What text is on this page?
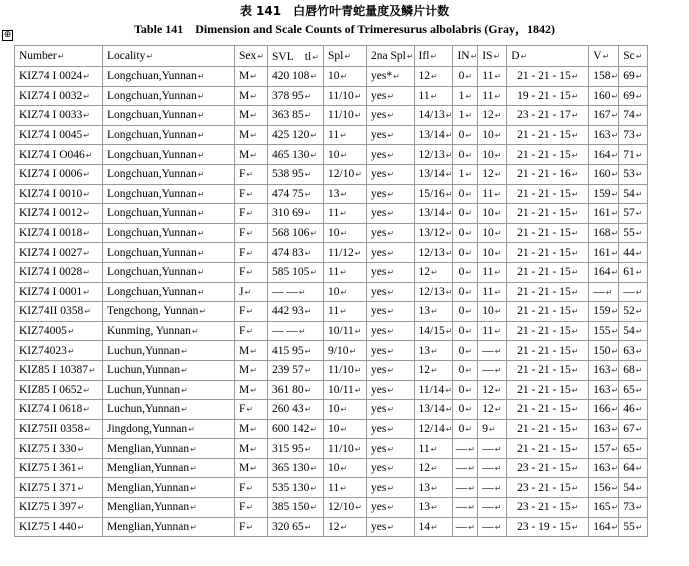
表 141　白唇竹叶青蛇量度及鳞片计数
Table 141　Dimension and Scale Counts of Trimeresurus albolabris (Gray，1842)
⊕
Number↵	Locality↵	Sex↵	SVL　tl↵	Spl↵	2na Spl↵	Ifl↵	IN↵	IS↵	D↵	V↵	Sc↵
KIZ74 I 0024↵	Longchuan,Yunnan↵	M↵	420 108↵	10↵	yes*↵	12↵	0↵	11↵	21 - 21 - 15↵	158↵	69↵
KIZ74 I 0032↵	Longchuan,Yunnan↵	M↵	378 95↵	11/10↵	yes↵	11↵	1↵	11↵	19 - 21 - 15↵	160↵	69↵
KIZ74 I 0033↵	Longchuan,Yunnan↵	M↵	363 85↵	11/10↵	yes↵	14/13↵	1↵	12↵	23 - 21 - 17↵	167↵	74↵
KIZ74 I 0045↵	Longchuan,Yunnan↵	M↵	425 120↵	11↵	yes↵	13/14↵	0↵	10↵	21 - 21 - 15↵	163↵	73↵
KIZ74 I O046↵	Longchuan,Yunnan↵	M↵	465 130↵	10↵	yes↵	12/13↵	0↵	10↵	21 - 21 - 15↵	164↵	71↵
KIZ74 I 0006↵	Longchuan,Yunnan↵	F↵	538 95↵	12/10↵	yes↵	13/14↵	1↵	12↵	21 - 21 - 16↵	160↵	53↵
KIZ74 I 0010↵	Longchuan,Yunnan↵	F↵	474 75↵	13↵	yes↵	15/16↵	0↵	11↵	21 - 21 - 15↵	159↵	54↵
KIZ74 I 0012↵	Longchuan,Yunnan↵	F↵	310 69↵	11↵	yes↵	13/14↵	0↵	10↵	21 - 21 - 15↵	161↵	57↵
KIZ74 I 0018↵	Longchuan,Yunnan↵	F↵	568 106↵	10↵	yes↵	13/12↵	0↵	10↵	21 - 21 - 15↵	168↵	55↵
KIZ74 I 0027↵	Longchuan,Yunnan↵	F↵	474 83↵	11/12↵	yes↵	12/13↵	0↵	10↵	21 - 21 - 15↵	161↵	44↵
KIZ74 I 0028↵	Longchuan,Yunnan↵	F↵	585 105↵	11↵	yes↵	12↵	0↵	11↵	21 - 21 - 15↵	164↵	61↵
KIZ74 I 0001↵	Longchuan,Yunnan↵	J↵	— —↵	10↵	yes↵	12/13↵	0↵	11↵	21 - 21 - 15↵	—↵	—↵
KIZ74II 0358↵	Tengchong, Yunnan↵	F↵	442 93↵	11↵	yes↵	13↵	0↵	10↵	21 - 21 - 15↵	159↵	52↵
KIZ74005↵	Kunming, Yunnan↵	F↵	— —↵	10/11↵	yes↵	14/15↵	0↵	11↵	21 - 21 - 15↵	155↵	54↵
KIZ74023↵	Luchun,Yunnan↵	M↵	415 95↵	9/10↵	yes↵	13↵	0↵	—↵	21 - 21 - 15↵	150↵	63↵
KIZ85 I 10387↵	Luchun,Yunnan↵	M↵	239 57↵	11/10↵	yes↵	12↵	0↵	—↵	21 - 21 - 15↵	163↵	68↵
KIZ85 I 0652↵	Luchun,Yunnan↵	M↵	361 80↵	10/11↵	yes↵	11/14↵	0↵	12↵	21 - 21 - 15↵	163↵	65↵
KIZ74 I 0618↵	Luchun,Yunnan↵	F↵	260 43↵	10↵	yes↵	13/14↵	0↵	12↵	21 - 21 - 15↵	166↵	46↵
KIZ75II 0358↵	Jingdong,Yunnan↵	M↵	600 142↵	10↵	yes↵	12/14↵	0↵	9↵	21 - 21 - 15↵	163↵	67↵
KIZ75 I 330↵	Menglian,Yunnan↵	M↵	315 95↵	11/10↵	yes↵	11↵	—↵	—↵	21 - 21 - 15↵	157↵	65↵
KIZ75 I 361↵	Menglian,Yunnan↵	M↵	365 130↵	10↵	yes↵	12↵	—↵	—↵	23 - 21 - 15↵	163↵	64↵
KIZ75 I 371↵	Menglian,Yunnan↵	F↵	535 130↵	11↵	yes↵	13↵	—↵	—↵	23 - 21 - 15↵	156↵	54↵
KIZ75 I 397↵	Menglian,Yunnan↵	F↵	385 150↵	12/10↵	yes↵	13↵	—↵	—↵	23 - 21 - 15↵	165↵	73↵
KIZ75 I 440↵	Menglian,Yunnan↵	F↵	320 65↵	12↵	yes↵	14↵	—↵	—↵	23 - 19 - 15↵	164↵	55↵
